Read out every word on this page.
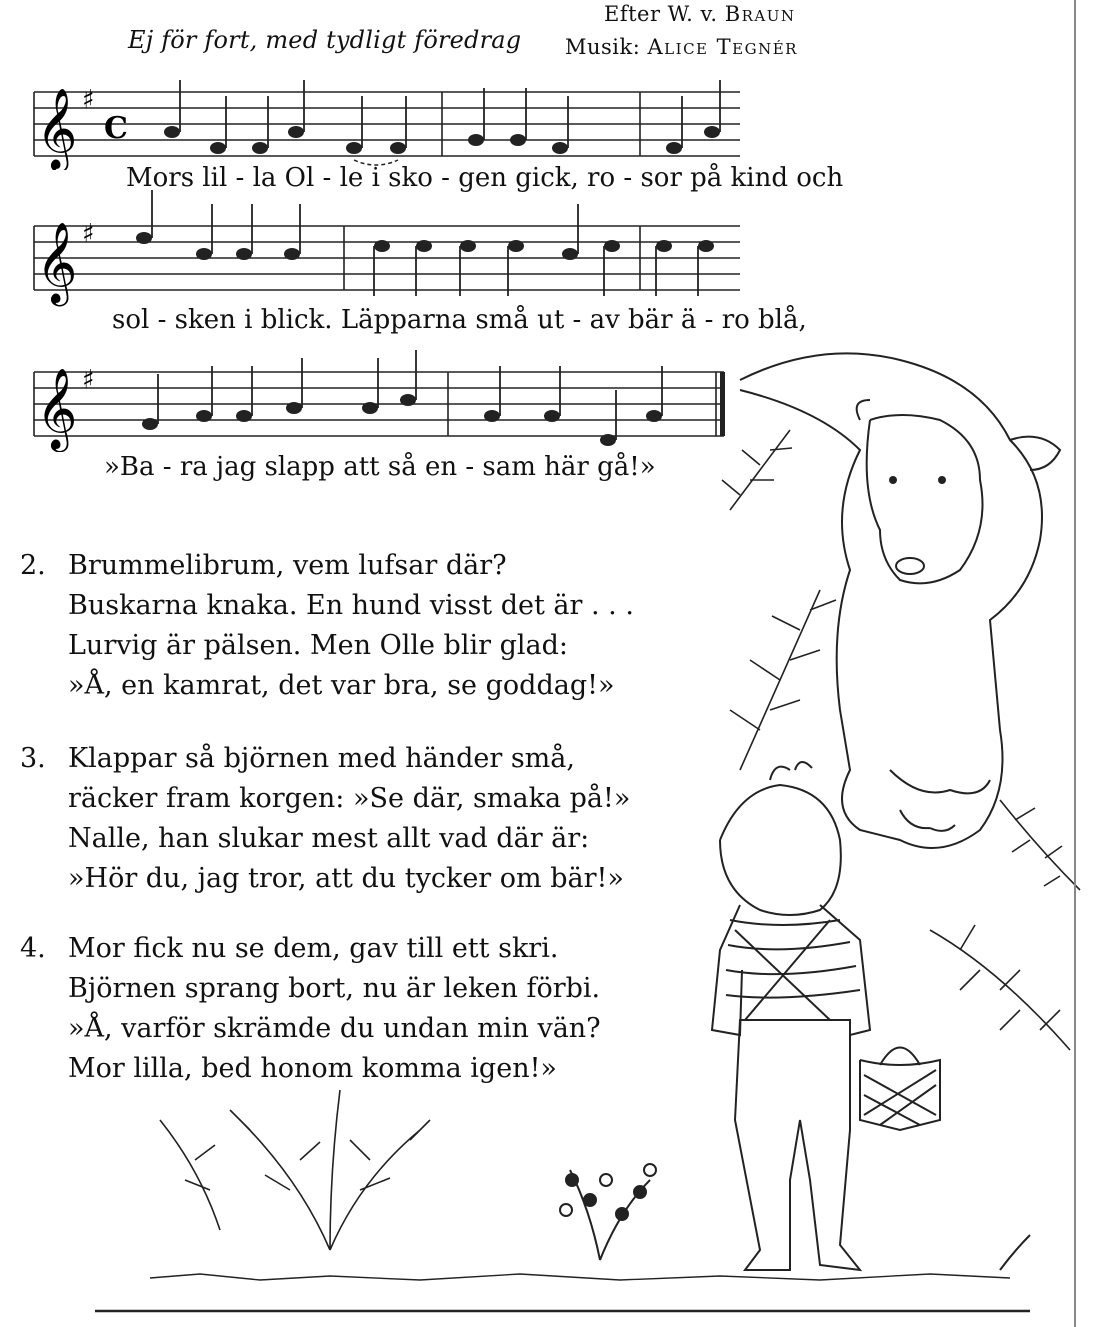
Ej för fort, med tydligt föredrag
Efter W. v. Braun
Musik: Alice Tegnér
𝄞 ♯
C
Mors lil - la Ol - le i sko - gen gick, ro - sor på kind och
𝄞 ♯
sol - sken i blick. Läpparna små ut - av bär ä - ro blå,
𝄞 ♯
»Ba - ra jag slapp att så en - sam här gå!»
2. Brummelibrum, vem lufsar där?
Buskarna knaka. En hund visst det är . . .
Lurvig är pälsen. Men Olle blir glad:
»Å, en kamrat, det var bra, se goddag!»
3. Klappar så björnen med händer små,
räcker fram korgen: »Se där, smaka på!»
Nalle, han slukar mest allt vad där är:
»Hör du, jag tror, att du tycker om bär!»
4. Mor fick nu se dem, gav till ett skri.
Björnen sprang bort, nu är leken förbi.
»Å, varför skrämde du undan min vän?
Mor lilla, bed honom komma igen!»
